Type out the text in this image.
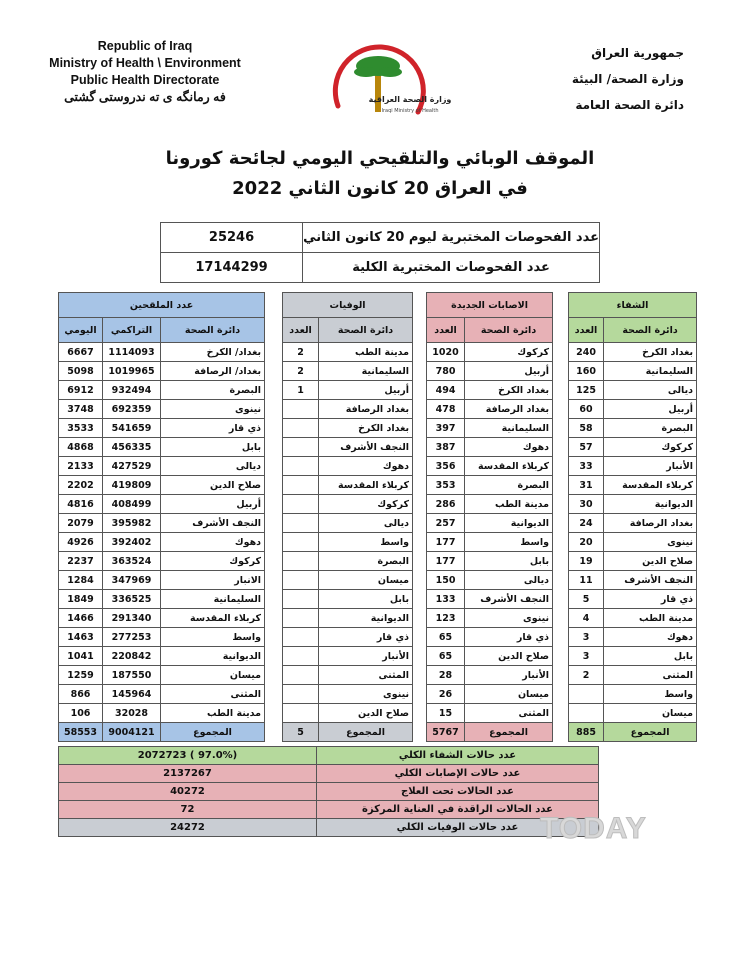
Republic of Iraq
Ministry of Health \ Environment
Public Health Directorate
فه رمانگه ى ته ندروستى گشتى	وزارة الصحة العراقية
Iraqi Ministry of Health
جمهورية العراق
وزارة الصحة/ البيئة
دائرة الصحة العامة
الموقف الوبائي والتلقيحي اليومي لجائحة كورونا
في العراق 20 كانون الثاني 2022
25246	عدد الفحوصات المختبرية ليوم 20 كانون الثاني
17144299	عدد الفحوصات المختبرية الكلية
عدد الملقحين				الوفيات			الاصابات الجديدة			الشفاء	
اليومي	التراكمي	دائرة الصحة		العدد	دائرة الصحة		العدد	دائرة الصحة		العدد	دائرة الصحة
6667	1114093	بغداد/ الكرخ		2	مدينة الطب		1020	كركوك		240	بغداد الكرخ
5098	1019965	بغداد/ الرصافة		2	السليمانية		780	أربيل		160	السليمانية
6912	932494	البصرة		1	أربيل		494	بغداد الكرخ		125	ديالى
3748	692359	نينوى			بغداد الرصافة		478	بغداد الرصافة		60	أربيل
3533	541659	ذي قار			بغداد الكرخ		397	السليمانية		58	البصرة
4868	456335	بابل			النجف الأشرف		387	دهوك		57	كركوك
2133	427529	ديالى			دهوك		356	كربلاء المقدسة		33	الأنبار
2202	419809	صلاح الدين			كربلاء المقدسة		353	البصرة		31	كربلاء المقدسة
4816	408499	أربيل			كركوك		286	مدينة الطب		30	الديوانية
2079	395982	النجف الأشرف			ديالى		257	الديوانية		24	بغداد الرصافة
4926	392402	دهوك			واسط		177	واسط		20	نينوى
2237	363524	كركوك			البصرة		177	بابل		19	صلاح الدين
1284	347969	الانبار			ميسان		150	ديالى		11	النجف الأشرف
1849	336525	السليمانية			بابل		133	النجف الأشرف		5	ذي قار
1466	291340	كربلاء المقدسة			الديوانية		123	نينوى		4	مدينة الطب
1463	277253	واسط			ذي قار		65	ذي قار		3	دهوك
1041	220842	الديوانية			الأنبار		65	صلاح الدين		3	بابل
1259	187550	ميسان			المثنى		28	الأنبار		2	المثنى
866	145964	المثنى			نينوى		26	ميسان			واسط
106	32028	مدينة الطب			صلاح الدين		15	المثنى			ميسان
58553	9004121	المجموع		5	المجموع		5767	المجموع		885	المجموع
2072723 ( 97.0%)	عدد حالات الشفاء الكلي
2137267	عدد حالات الإصابات الكلي
40272	عدد الحالات تحت العلاج
72	عدد الحالات الراقدة في العناية المركزة
24272	عدد حالات الوفيات الكلي TODAY
